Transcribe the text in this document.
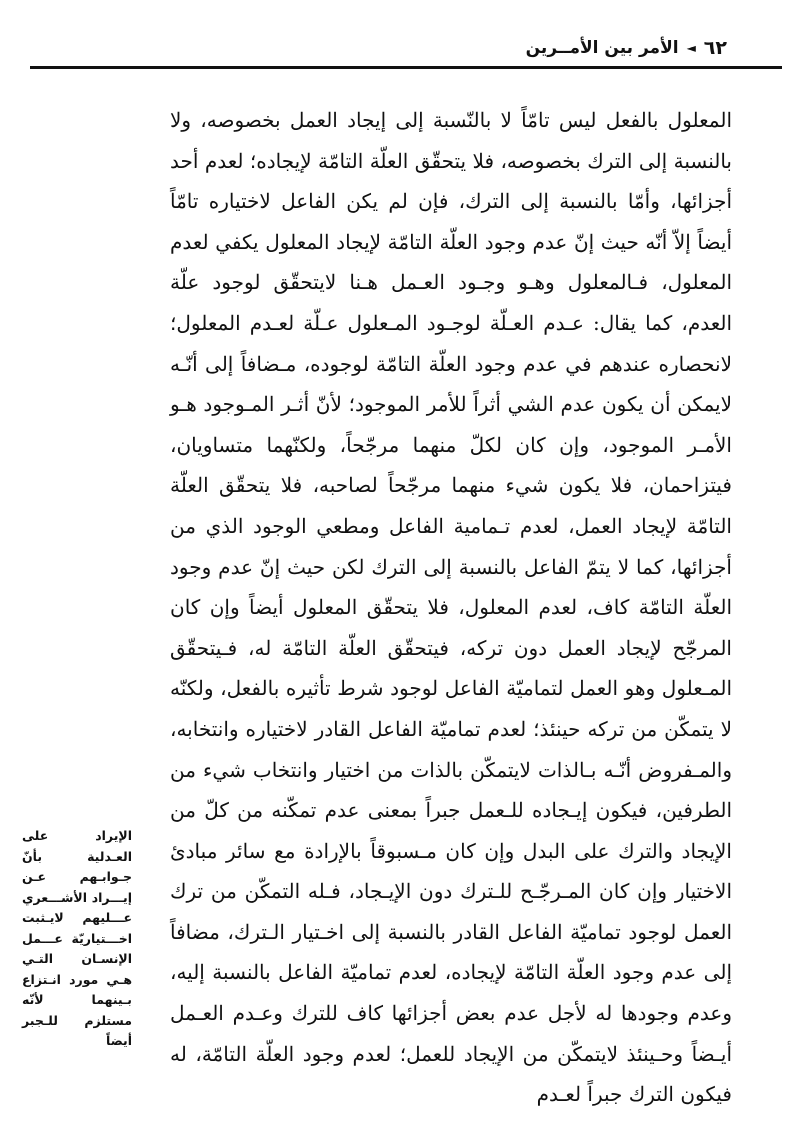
٦٢
◄
الأمر بين الأمــرين

المعلول بالفعل ليس تامّاً لا بالنّسبة إلى إيجاد العمل بخصوصه، ولا بالنسبة إلى الترك بخصوصه، فلا يتحقّق العلّة التامّة لإيجاده؛ لعدم أحد أجزائها، وأمّا بالنسبة إلى الترك، فإن لم يكن الفاعل لاختياره تامّاً أيضاً إلاّ أنّه حيث إنّ عدم وجود العلّة التامّة لإيجاد المعلول يكفي لعدم المعلول، فـالمعلول وهـو وجـود العـمل هـنا لايتحقّق لوجود علّة العدم، كما يقال: عـدم العـلّة لوجـود المـعلول عـلّة لعـدم المعلول؛ لانحصاره عندهم في عدم وجود العلّة التامّة لوجوده، مـضافاً إلى أنّـه لايمكن أن يكون عدم الشي أثراً للأمر الموجود؛ لأنّ أثـر المـوجود هـو الأمـر الموجود، وإن كان لكلّ منهما مرجّحاً، ولكنّهما متساويان، فيتزاحمان، فلا يكون شيء منهما مرجّحاً لصاحبه، فلا يتحقّق العلّة التامّة لإيجاد العمل، لعدم تـمامية الفاعل ومطعي الوجود الذي من أجزائها، كما لا يتمّ الفاعل بالنسبة إلى الترك لكن حيث إنّ عدم وجود العلّة التامّة كاف، لعدم المعلول، فلا يتحقّق المعلول أيضاً وإن كان المرجّح لإيجاد العمل دون تركه، فيتحقّق العلّة التامّة له، فـيتحقّق المـعلول وهو العمل لتماميّة الفاعل لوجود شرط تأثيره بالفعل، ولكنّه لا يتمكّن من تركه حينئذ؛ لعدم تماميّة الفاعل القادر لاختياره وانتخابه، والمـفروض أنّـه بـالذات لايتمكّن بالذات من اختيار وانتخاب شيء من الطرفين، فيكون إيـجاده للـعمل جبراً بمعنى عدم تمكّنه من كلّ من الإيجاد والترك على البدل وإن كان مـسبوقاً بالإرادة مع سائر مبادئ الاختيار وإن كان المـرجّـح للـترك دون الإيـجاد، فـله التمكّن من ترك العمل لوجود تماميّة الفاعل القادر بالنسبة إلى اخـتيار الـترك، مضافاً إلى عدم وجود العلّة التامّة لإيجاده، لعدم تماميّة الفاعل بالنسبة إليه، وعدم وجودها له لأجل عدم بعض أجزائها كاف للترك وعـدم العـمل أيـضاً وحـينئذ لايتمكّن من الإيجاد للعمل؛ لعدم وجود العلّة التامّة، له فيكون الترك جبراً لعـدم

الإيراد على العـدلية بأنّ جـوابـهم عـن إيـــراد الأشـــعري عـــليهم لايـثبت اخـــتياريّة عـــمل الإنسـان التـي هـي مورد انـتزاع بـينهما لأنّه مستلزم للـجبر أيضاً
